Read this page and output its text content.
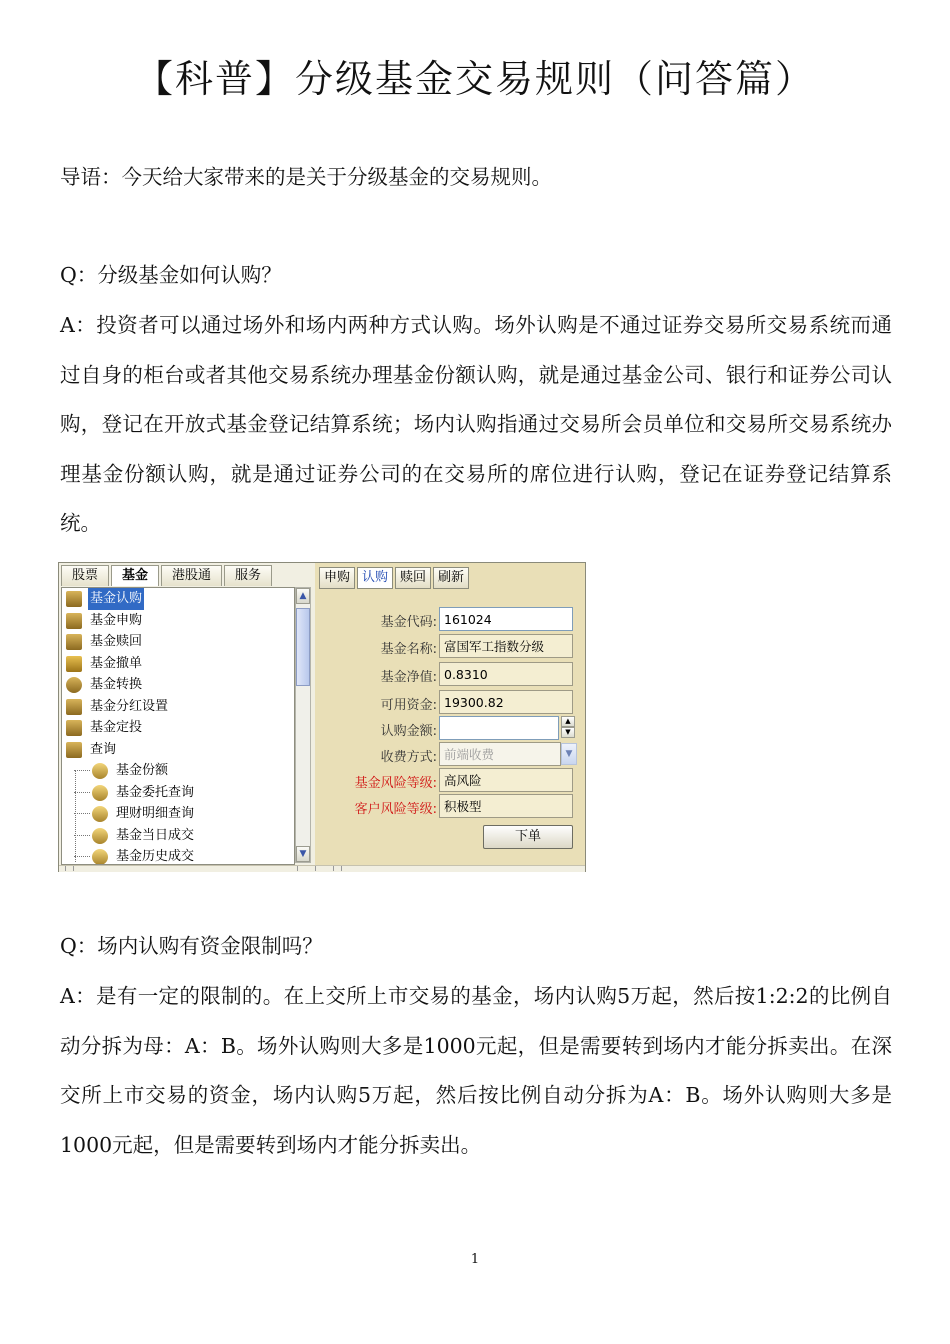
【科普】分级基金交易规则（问答篇）

导语：今天给大家带来的是关于分级基金的交易规则。

Q：分级基金如何认购？

A：投资者可以通过场外和场内两种方式认购。场外认购是不通过证券交易所交易系统而通过自身的柜台或者其他交易系统办理基金份额认购，就是通过基金公司、银行和证券公司认购，登记在开放式基金登记结算系统；场内认购指通过交易所会员单位和交易所交易系统办理基金份额认购，就是通过证券公司的在交易所的席位进行认购，登记在证券登记结算系统。

股票	基金	港股通	服务
基金认购
基金申购
基金赎回
基金撤单
基金转换
基金分红设置
基金定投
查询
基金份额
基金委托查询
理财明细查询
基金当日成交
基金历史成交
▲
▼
申购 认购 赎回 刷新
基金代码: 161024
基金名称: 富国军工指数分级
基金净值: 0.8310
可用资金: 19300.82
认购金额:
▲
▼
收费方式: 前端收费	▼
基金风险等级: 高风险
客户风险等级: 积极型
下单

Q：场内认购有资金限制吗？

A：是有一定的限制的。在上交所上市交易的基金，场内认购5万起，然后按1:2:2的比例自动分拆为母：A：B。场外认购则大多是1000元起，但是需要转到场内才能分拆卖出。在深交所上市交易的资金，场内认购5万起，然后按比例自动分拆为A：B。场外认购则大多是1000元起，但是需要转到场内才能分拆卖出。

1
